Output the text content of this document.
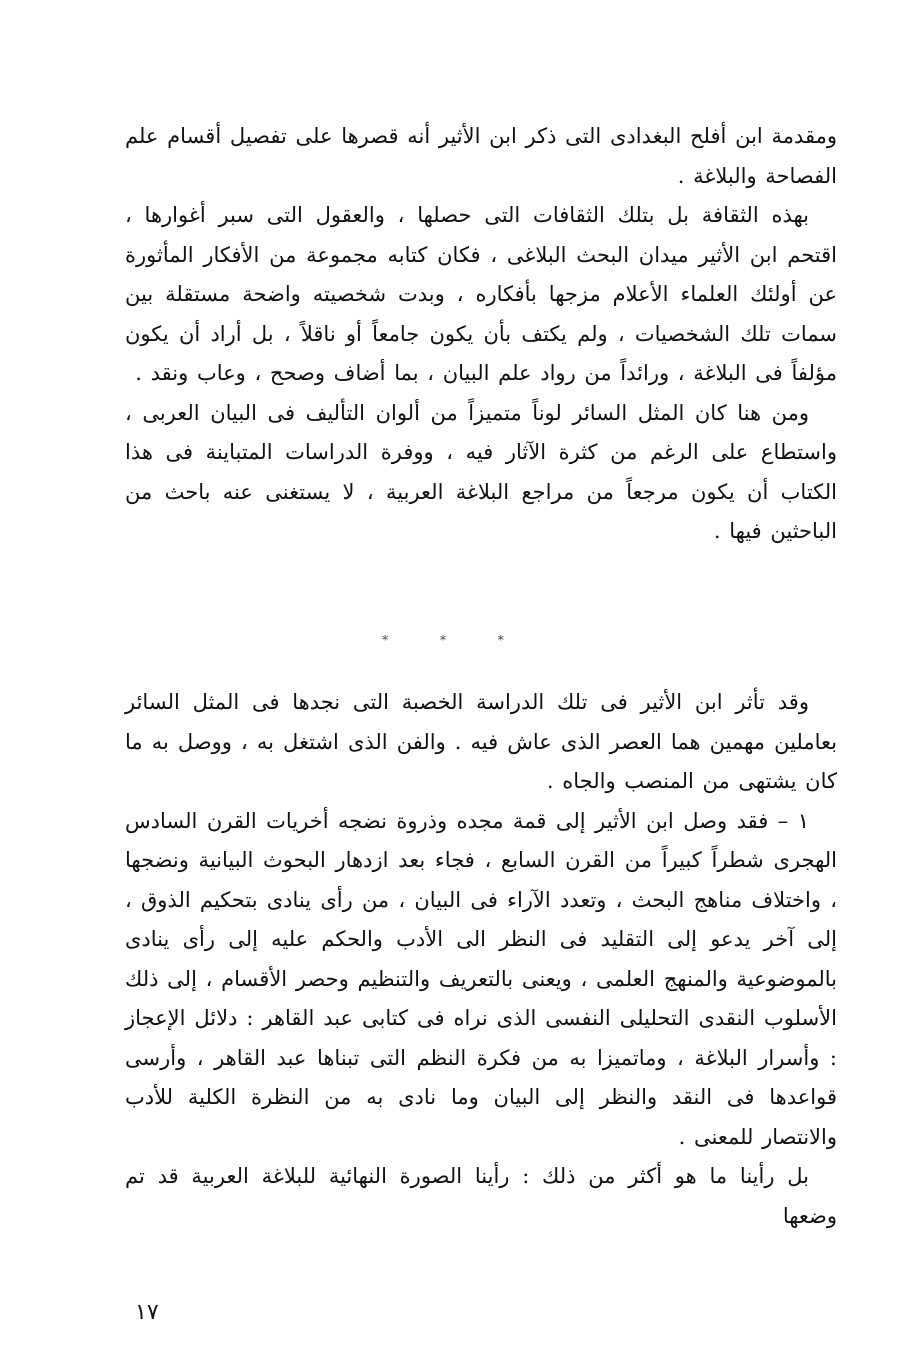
ومقدمة ابن أفلح البغدادى التى ذكر ابن الأثير أنه قصرها على تفصيل أقسام علم الفصاحة والبلاغة .

بهذه الثقافة بل بتلك الثقافات التى حصلها ، والعقول التى سبر أغوارها ، اقتحم ابن الأثير ميدان البحث البلاغى ، فكان كتابه مجموعة من الأفكار المأثورة عن أولئك العلماء الأعلام مزجها بأفكاره ، وبدت شخصيته واضحة مستقلة بين سمات تلك الشخصيات ، ولم يكتف بأن يكون جامعاً أو ناقلاً ، بل أراد أن يكون مؤلفاً فى البلاغة ، ورائداً من رواد علم البيان ، بما أضاف وصحح ، وعاب ونقد .

ومن هنا كان المثل السائر لوناً متميزاً من ألوان التأليف فى البيان العربى ، واستطاع على الرغم من كثرة الآثار فيه ، ووفرة الدراسات المتباينة فى هذا الكتاب أن يكون مرجعاً من مراجع البلاغة العربية ، لا يستغنى عنه باحث من الباحثين فيها .

* * *

وقد تأثر ابن الأثير فى تلك الدراسة الخصبة التى نجدها فى المثل السائر بعاملين مهمين هما العصر الذى عاش فيه . والفن الذى اشتغل به ، ووصل به ما كان يشتهى من المنصب والجاه .

١ – فقد وصل ابن الأثير إلى قمة مجده وذروة نضجه أخريات القرن السادس الهجرى شطراً كبيراً من القرن السابع ، فجاء بعد ازدهار البحوث البيانية ونضجها ، واختلاف مناهج البحث ، وتعدد الآراء فى البيان ، من رأى ينادى بتحكيم الذوق ، إلى آخر يدعو إلى التقليد فى النظر الى الأدب والحكم عليه إلى رأى ينادى بالموضوعية والمنهج العلمى ، ويعنى بالتعريف والتنظيم وحصر الأقسام ، إلى ذلك الأسلوب النقدى التحليلى النفسى الذى نراه فى كتابى عبد القاهر : دلائل الإعجاز : وأسرار البلاغة ، وماتميزا به من فكرة النظم التى تبناها عبد القاهر ، وأرسى قواعدها فى النقد والنظر إلى البيان وما نادى به من النظرة الكلية للأدب والانتصار للمعنى .

بل رأينا ما هو أكثر من ذلك : رأينا الصورة النهائية للبلاغة العربية قد تم وضعها

١٧
